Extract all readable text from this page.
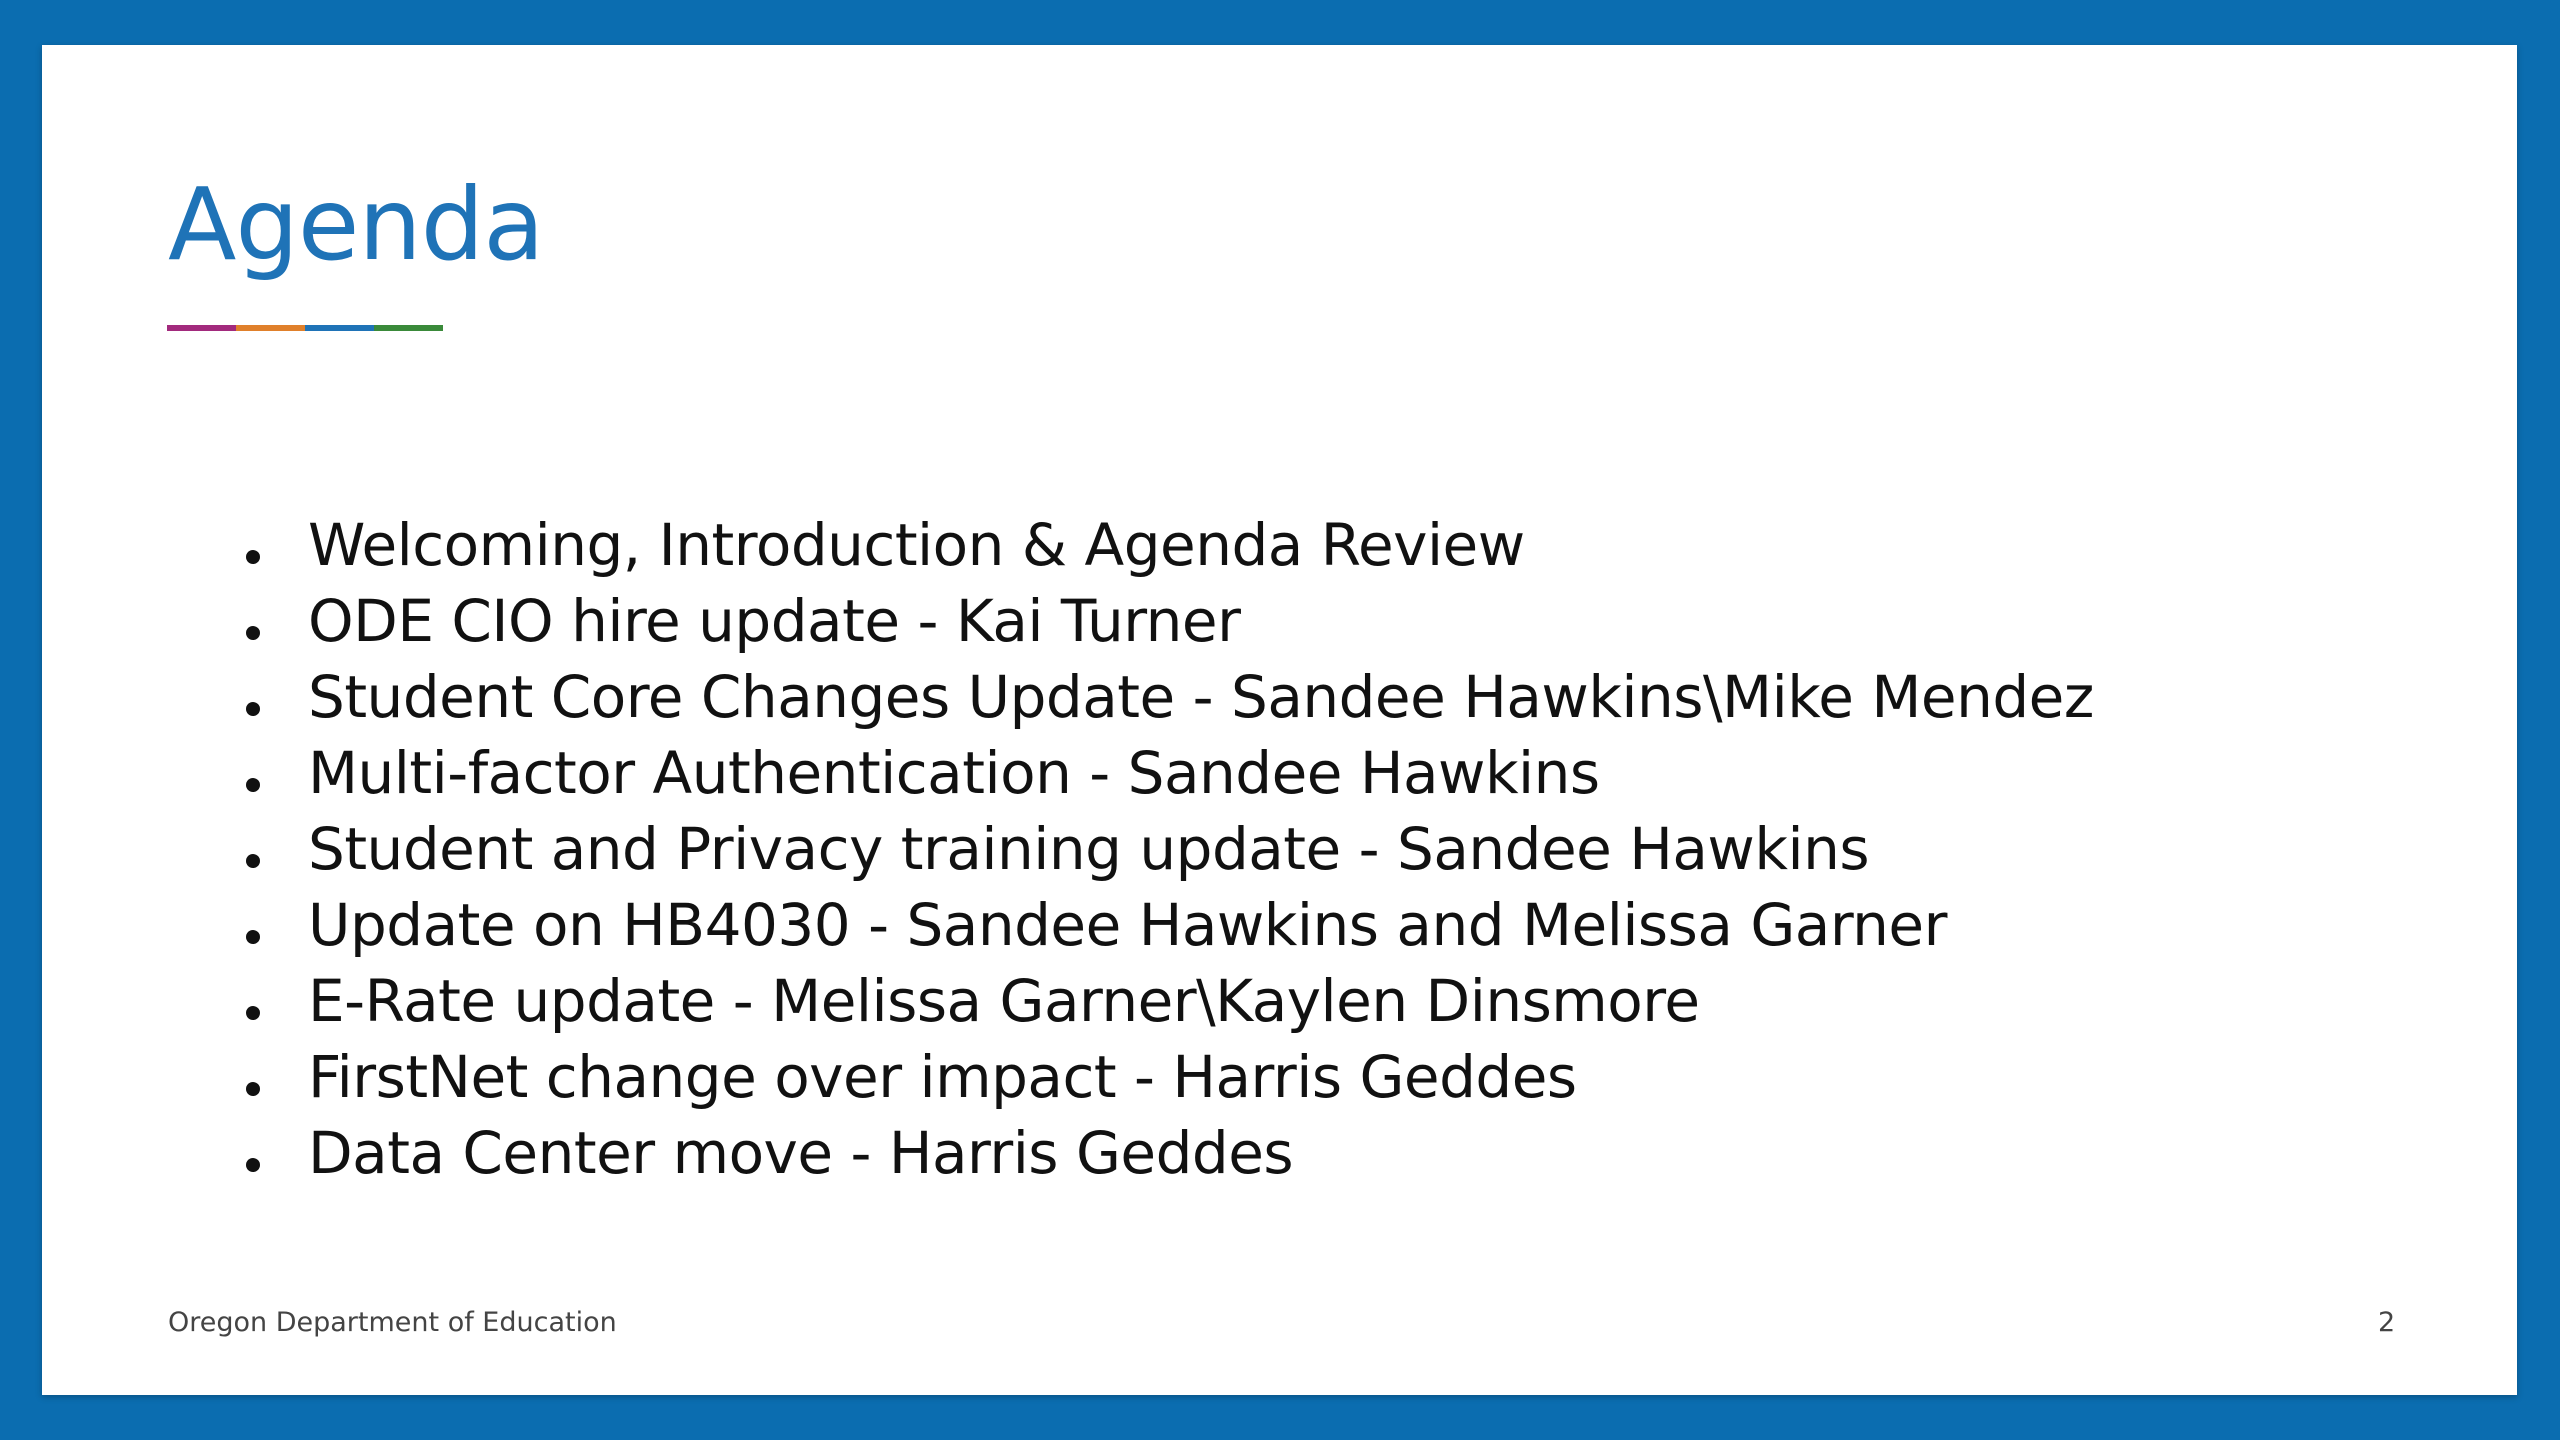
Agenda
Welcoming, Introduction & Agenda Review
ODE CIO hire update - Kai Turner
Student Core Changes Update - Sandee Hawkins\Mike Mendez
Multi-factor Authentication - Sandee Hawkins
Student and Privacy training update - Sandee Hawkins
Update on HB4030 - Sandee Hawkins and Melissa Garner
E-Rate update - Melissa Garner\Kaylen Dinsmore
FirstNet change over impact - Harris Geddes
Data Center move - Harris Geddes
Oregon Department of Education	2
